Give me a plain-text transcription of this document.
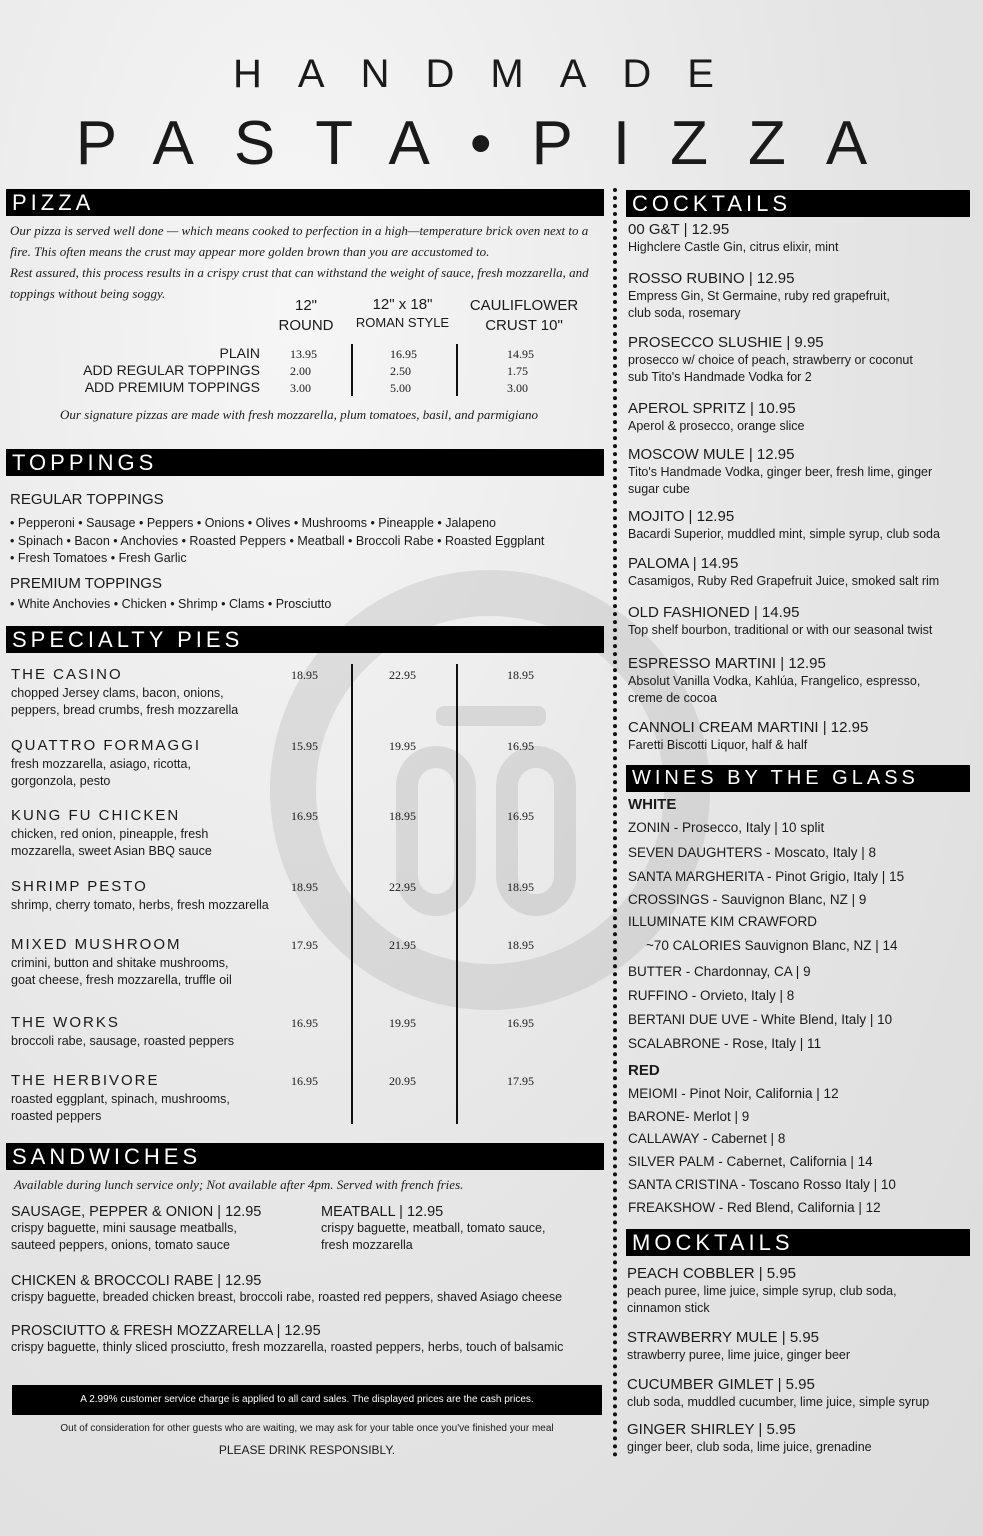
HANDMADE
PASTA•PIZZA
PIZZA
Our pizza is served well done — which means cooked to perfection in a high—temperature brick oven next to a
fire. This often means the crust may appear more golden brown than you are accustomed to.
Rest assured, this process results in a crispy crust that can withstand the weight of sauce, fresh mozzarella, and
toppings without being soggy.
12"
ROUND
12" x 18"
ROMAN STYLE
CAULIFLOWER
CRUST 10"
PLAIN	13.95	16.95	14.95
ADD REGULAR TOPPINGS	2.00	2.50	1.75
ADD PREMIUM TOPPINGS	3.00	5.00	3.00
Our signature pizzas are made with fresh mozzarella, plum tomatoes, basil, and parmigiano
TOPPINGS
REGULAR TOPPINGS
• Pepperoni • Sausage • Peppers • Onions • Olives • Mushrooms • Pineapple • Jalapeno
• Spinach • Bacon • Anchovies • Roasted Peppers • Meatball • Broccoli Rabe • Roasted Eggplant
• Fresh Tomatoes • Fresh Garlic
PREMIUM TOPPINGS
• White Anchovies • Chicken • Shrimp • Clams • Prosciutto
SPECIALTY PIES
THE CASINO
chopped Jersey clams, bacon, onions,
peppers, bread crumbs, fresh mozzarella
18.95	22.95	18.95
QUATTRO FORMAGGI
fresh mozzarella, asiago, ricotta,
gorgonzola, pesto
15.95	19.95	16.95
KUNG FU CHICKEN
chicken, red onion, pineapple, fresh
mozzarella, sweet Asian BBQ sauce
16.95	18.95	16.95
SHRIMP PESTO
shrimp, cherry tomato, herbs, fresh mozzarella
18.95	22.95	18.95
MIXED MUSHROOM
crimini, button and shitake mushrooms,
goat cheese, fresh mozzarella, truffle oil
17.95	21.95	18.95
THE WORKS
broccoli rabe, sausage, roasted peppers
16.95	19.95	16.95
THE HERBIVORE
roasted eggplant, spinach, mushrooms,
roasted peppers
16.95	20.95	17.95
SANDWICHES
Available during lunch service only; Not available after 4pm. Served with french fries.
SAUSAGE, PEPPER & ONION | 12.95
crispy baguette, mini sausage meatballs,
sauteed peppers, onions, tomato sauce
MEATBALL | 12.95
crispy baguette, meatball, tomato sauce,
fresh mozzarella
CHICKEN & BROCCOLI RABE | 12.95
crispy baguette, breaded chicken breast, broccoli rabe, roasted red peppers, shaved Asiago cheese
PROSCIUTTO & FRESH MOZZARELLA | 12.95
crispy baguette, thinly sliced prosciutto, fresh mozzarella, roasted peppers, herbs, touch of balsamic
A 2.99% customer service charge is applied to all card sales. The displayed prices are the cash prices.
Out of consideration for other guests who are waiting, we may ask for your table once you've finished your meal
PLEASE DRINK RESPONSIBLY.
COCKTAILS
00 G&T | 12.95
Highclere Castle Gin, citrus elixir, mint
ROSSO RUBINO | 12.95
Empress Gin, St Germaine, ruby red grapefruit,
club soda, rosemary
PROSECCO SLUSHIE | 9.95
prosecco w/ choice of peach, strawberry or coconut
sub Tito's Handmade Vodka for 2
APEROL SPRITZ | 10.95
Aperol & prosecco, orange slice
MOSCOW MULE | 12.95
Tito's Handmade Vodka, ginger beer, fresh lime, ginger
sugar cube
MOJITO | 12.95
Bacardi Superior, muddled mint, simple syrup, club soda
PALOMA | 14.95
Casamigos, Ruby Red Grapefruit Juice, smoked salt rim
OLD FASHIONED | 14.95
Top shelf bourbon, traditional or with our seasonal twist
ESPRESSO MARTINI | 12.95
Absolut Vanilla Vodka, Kahlúa, Frangelico, espresso,
creme de cocoa
CANNOLI CREAM MARTINI | 12.95
Faretti Biscotti Liquor, half & half
WINES BY THE GLASS
WHITE
ZONIN - Prosecco, Italy | 10 split
SEVEN DAUGHTERS - Moscato, Italy | 8
SANTA MARGHERITA - Pinot Grigio, Italy | 15
CROSSINGS - Sauvignon Blanc, NZ | 9
ILLUMINATE KIM CRAWFORD
~70 CALORIES Sauvignon Blanc, NZ | 14
BUTTER - Chardonnay, CA | 9
RUFFINO - Orvieto, Italy | 8
BERTANI DUE UVE - White Blend, Italy | 10
SCALABRONE - Rose, Italy | 11
RED
MEIOMI - Pinot Noir, California | 12
BARONE- Merlot | 9
CALLAWAY - Cabernet | 8
SILVER PALM - Cabernet, California | 14
SANTA CRISTINA - Toscano Rosso Italy | 10
FREAKSHOW - Red Blend, California | 12
MOCKTAILS
PEACH COBBLER | 5.95
peach puree, lime juice, simple syrup, club soda,
cinnamon stick
STRAWBERRY MULE | 5.95
strawberry puree, lime juice, ginger beer
CUCUMBER GIMLET | 5.95
club soda, muddled cucumber, lime juice, simple syrup
GINGER SHIRLEY | 5.95
ginger beer, club soda, lime juice, grenadine
